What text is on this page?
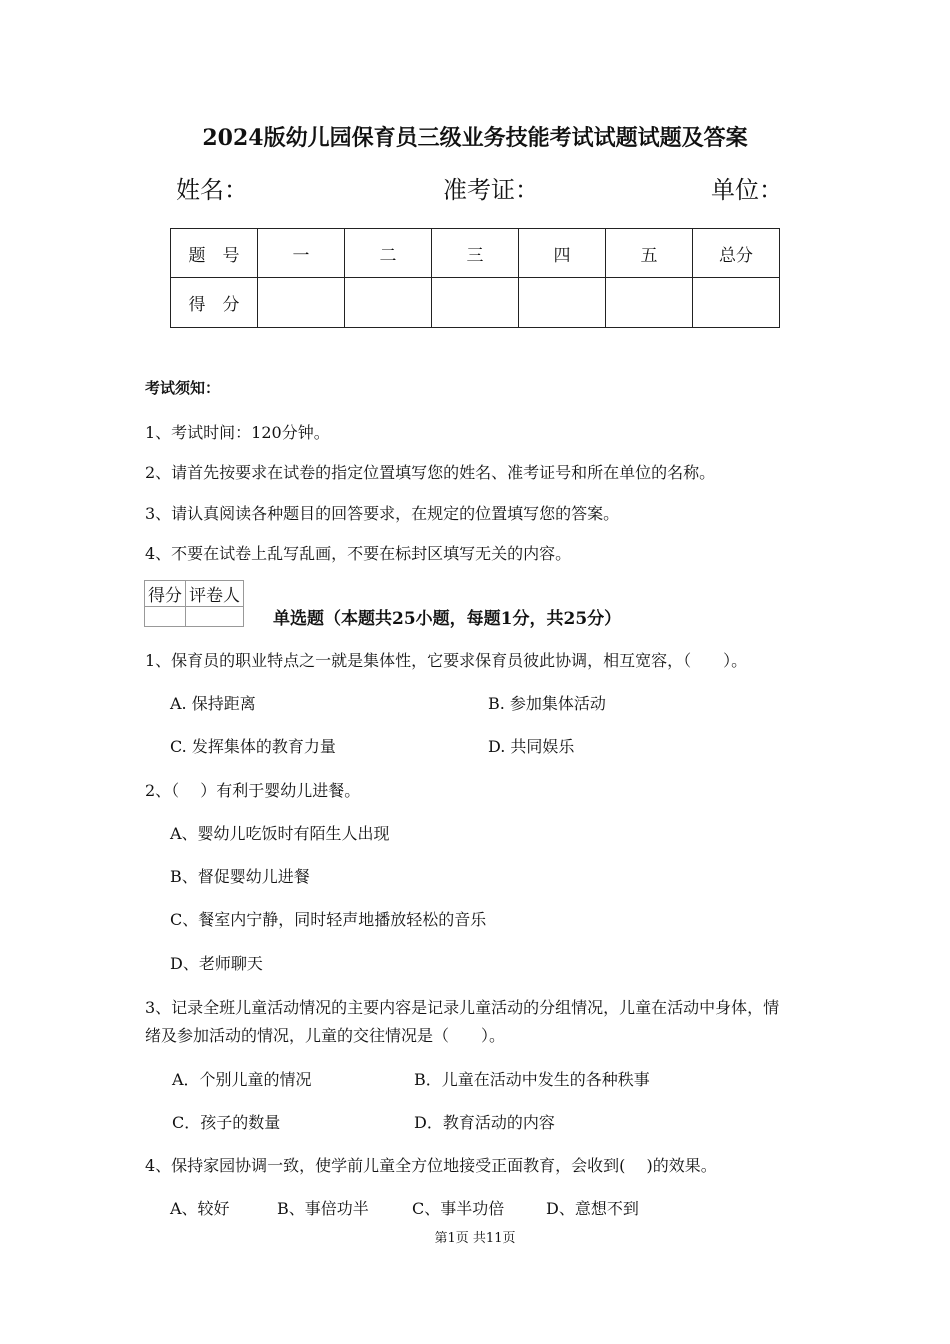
2024版幼儿园保育员三级业务技能考试试题试题及答案
姓名：	准考证：	单位：
题　号	一	二	三	四	五	总分
得　分						
考试须知：
1、考试时间：120分钟。
2、请首先按要求在试卷的指定位置填写您的姓名、准考证号和所在单位的名称。
3、请认真阅读各种题目的回答要求，在规定的位置填写您的答案。
4、不要在试卷上乱写乱画，不要在标封区填写无关的内容。
得分	评卷人

单选题（本题共25小题，每题1分，共25分）
1、保育员的职业特点之一就是集体性，它要求保育员彼此协调，相互宽容，（　　）。
A. 保持距离	B. 参加集体活动
C. 发挥集体的教育力量	D. 共同娱乐
2、（　 ）有利于婴幼儿进餐。
A、婴幼儿吃饭时有陌生人出现
B、督促婴幼儿进餐
C、餐室内宁静，同时轻声地播放轻松的音乐
D、老师聊天
3、记录全班儿童活动情况的主要内容是记录儿童活动的分组情况，儿童在活动中身体，情
绪及参加活动的情况，儿童的交往情况是（　　）。
A．个别儿童的情况	B．儿童在活动中发生的各种秩事
C．孩子的数量	D．教育活动的内容
4、保持家园协调一致，使学前儿童全方位地接受正面教育，会收到(　 )的效果。
A、较好	B、事倍功半	C、事半功倍	D、意想不到
第1页 共11页
